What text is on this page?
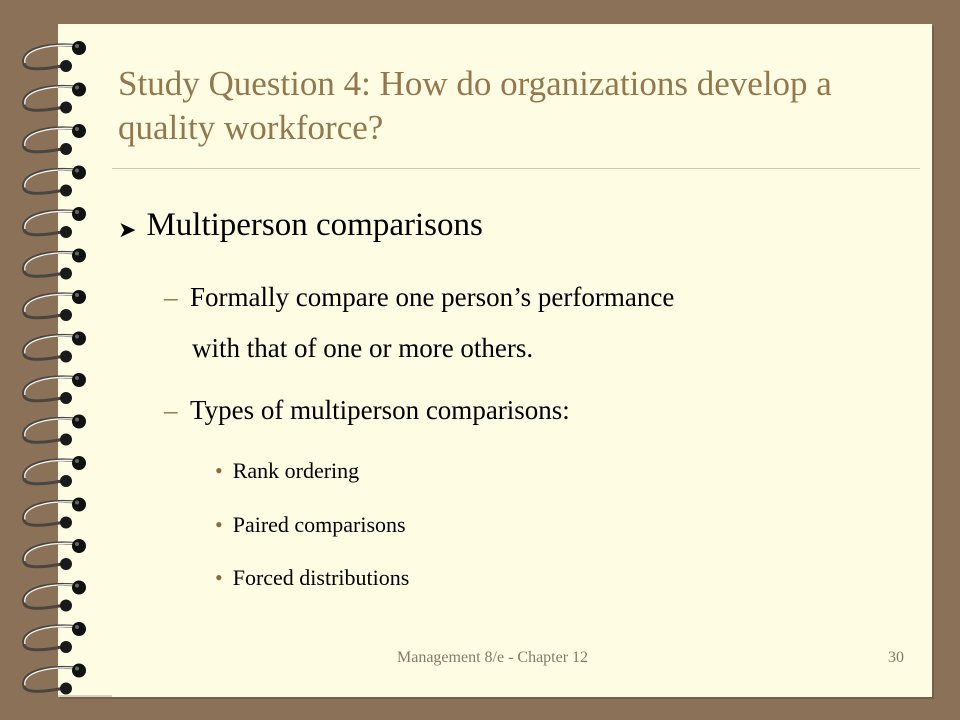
Study Question 4: How do organizations develop a quality workforce?
➤ Multiperson comparisons
– Formally compare one person’s performance
with that of one or more others.
– Types of multiperson comparisons:
• Rank ordering
• Paired comparisons
• Forced distributions
Management 8/e - Chapter 12	30
